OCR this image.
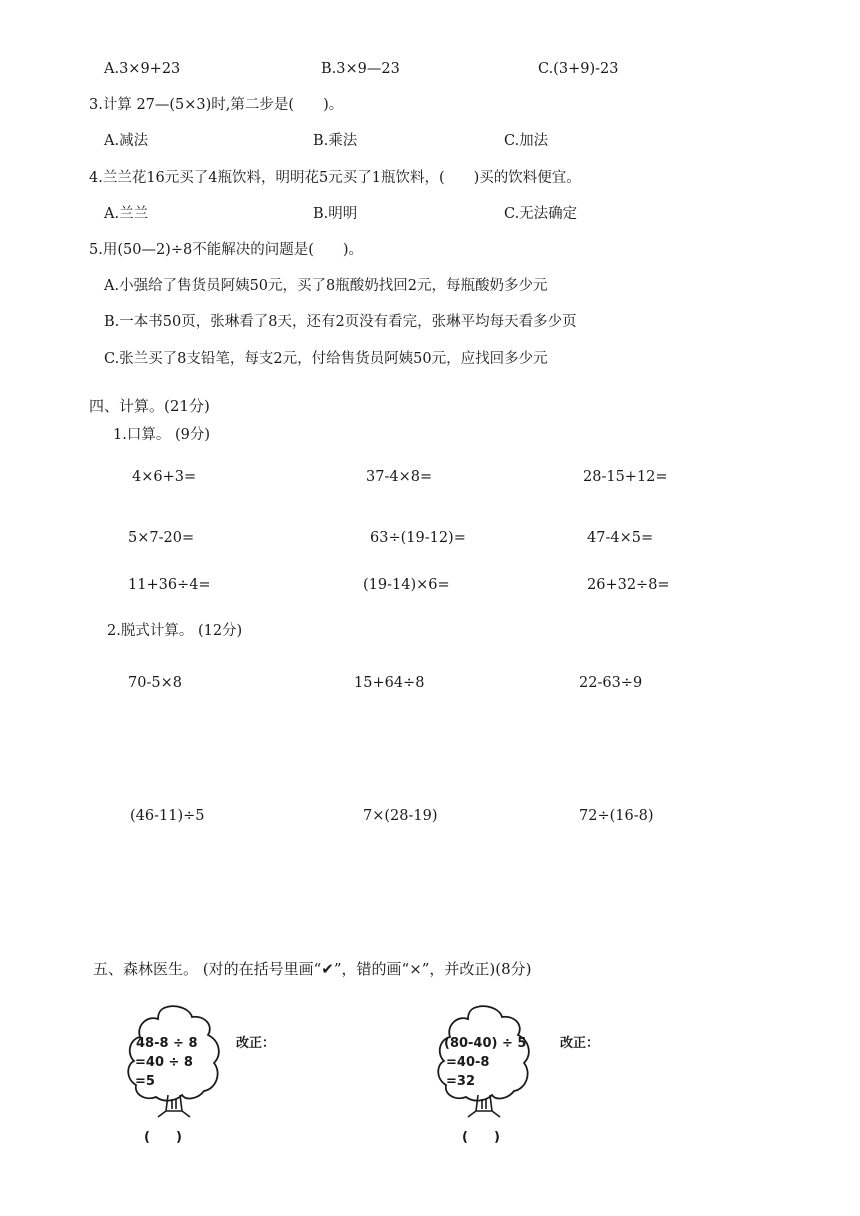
A.3×9+23	B.3×9—23	C.(3+9)-23
3.计算 27—(5×3)时,第二步是(　　)。
A.减法	B.乘法	C.加法
4.兰兰花16元买了4瓶饮料，明明花5元买了1瓶饮料，(　　)买的饮料便宜。
A.兰兰	B.明明	C.无法确定
5.用(50—2)÷8不能解决的问题是(　　)。
A.小强给了售货员阿姨50元，买了8瓶酸奶找回2元，每瓶酸奶多少元
B.一本书50页，张琳看了8天，还有2页没有看完，张琳平均每天看多少页
C.张兰买了8支铅笔，每支2元，付给售货员阿姨50元，应找回多少元
四、计算。(21分)
1.口算。 (9分)
4×6+3=	37-4×8=	28-15+12=
5×7-20=	63÷(19-12)=	47-4×5=
11+36÷4=	(19-14)×6=	26+32÷8=
2.脱式计算。 (12分)
70-5×8	15+64÷8	22-63÷9
(46-11)÷5	7×(28-19)	72÷(16-8)
五、森林医生。 (对的在括号里画“✔”，错的画“×”，并改正)(8分)
48-8 ÷ 8
=40 ÷ 8
=5
改正：
(　　)
(80-40) ÷ 5
=40-8
=32
改正：
(　　)
